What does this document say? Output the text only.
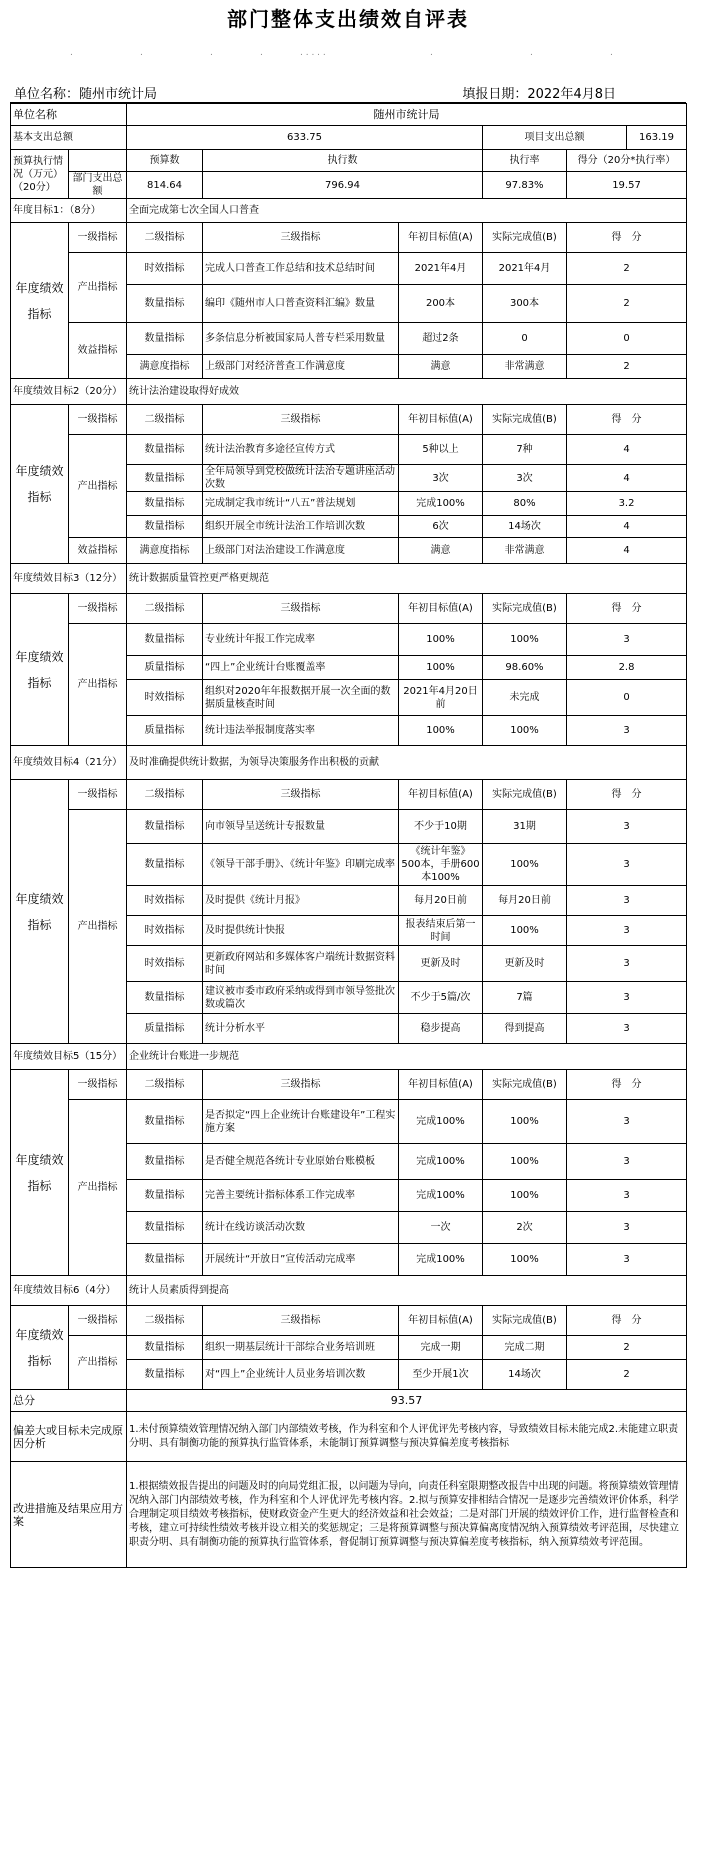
部门整体支出绩效自评表
.	.	.	.	. . . . .	.	.	.
单位名称：随州市统计局	填报日期：2022年4月8日
单位名称		随州市统计局					
基本支出总额		633.75			项目支出总额		163.19
预算执行情况（万元）（20分）		预算数	执行数		执行率	得分（20分*执行率）	
	部门支出总额	814.64	796.94		97.83%	19.57	
年度目标1：（8分）		全面完成第七次全国人口普查					
年度绩效指标	一级指标	二级指标	三级指标	年初目标值(A)	实际完成值(B)	得　分	
	产出指标	时效指标	完成人口普查工作总结和技术总结时间	2021年4月	2021年4月	2	
		数量指标	编印《随州市人口普查资料汇编》数量	200本	300本	2	
	效益指标	数量指标	多条信息分析被国家局人普专栏采用数量	超过2条	0	0	
		满意度指标	上级部门对经济普查工作满意度	满意	非常满意	2	
年度绩效目标2（20分）		统计法治建设取得好成效					
年度绩效指标	一级指标	二级指标	三级指标	年初目标值(A)	实际完成值(B)	得　分	
	产出指标	数量指标	统计法治教育多途径宣传方式	5种以上	7种	4	
		数量指标	全年局领导到党校做统计法治专题讲座活动次数	3次	3次	4	
		数量指标	完成制定我市统计“八五”普法规划	完成100%	80%	3.2	
		数量指标	组织开展全市统计法治工作培训次数	6次	14场次	4	
	效益指标	满意度指标	上级部门对法治建设工作满意度	满意	非常满意	4	
年度绩效目标3（12分）		统计数据质量管控更严格更规范					
年度绩效指标	一级指标	二级指标	三级指标	年初目标值(A)	实际完成值(B)	得　分	
	产出指标	数量指标	专业统计年报工作完成率	100%	100%	3	
		质量指标	“四上”企业统计台账覆盖率	100%	98.60%	2.8	
		时效指标	组织对2020年年报数据开展一次全面的数据质量核查时间	2021年4月20日前	未完成	0	
		质量指标	统计违法举报制度落实率	100%	100%	3	
年度绩效目标4（21分）		及时准确提供统计数据，为领导决策服务作出积极的贡献					
年度绩效指标	一级指标	二级指标	三级指标	年初目标值(A)	实际完成值(B)	得　分	
	产出指标	数量指标	向市领导呈送统计专报数量	不少于10期	31期	3	
		数量指标	《领导干部手册》、《统计年鉴》印刷完成率	《统计年鉴》500本，手册600本100%	100%	3	
		时效指标	及时提供《统计月报》	每月20日前	每月20日前	3	
		时效指标	及时提供统计快报	报表结束后第一时间	100%	3	
		时效指标	更新政府网站和多媒体客户端统计数据资料时间	更新及时	更新及时	3	
		数量指标	建议被市委市政府采纳或得到市领导签批次数或篇次	不少于5篇/次	7篇	3	
		质量指标	统计分析水平	稳步提高	得到提高	3	
年度绩效目标5（15分）		企业统计台账进一步规范					
年度绩效指标	一级指标	二级指标	三级指标	年初目标值(A)	实际完成值(B)	得　分	
	产出指标	数量指标	是否拟定“四上企业统计台账建设年”工程实施方案	完成100%	100%	3	
		数量指标	是否健全规范各统计专业原始台账模板	完成100%	100%	3	
		数量指标	完善主要统计指标体系工作完成率	完成100%	100%	3	
		数量指标	统计在线访谈活动次数	一次	2次	3	
		数量指标	开展统计“开放日”宣传活动完成率	完成100%	100%	3	
年度绩效目标6（4分）		统计人员素质得到提高					
年度绩效指标	一级指标	二级指标	三级指标	年初目标值(A)	实际完成值(B)	得　分	
	产出指标	数量指标	组织一期基层统计干部综合业务培训班	完成一期	完成二期	2	
		数量指标	对“四上”企业统计人员业务培训次数	至少开展1次	14场次	2	
总分		93.57					
偏差大或目标未完成原因分析		1.未付预算绩效管理情况纳入部门内部绩效考核，作为科室和个人评优评先考核内容，导致绩效目标未能完成2.未能建立职责分明、具有制衡功能的预算执行监管体系，未能制订预算调整与预决算偏差度考核指标					
改进措施及结果应用方案		1.根据绩效报告提出的问题及时的向局党组汇报，以问题为导向，向责任科室限期整改报告中出现的问题。将预算绩效管理情况纳入部门内部绩效考核，作为科室和个人评优评先考核内容。2.拟与预算安排相结合情况一是逐步完善绩效评价体系，科学合理制定项目绩效考核指标，使财政资金产生更大的经济效益和社会效益；二是对部门开展的绩效评价工作，进行监督检查和考核，建立可持续性绩效考核并设立相关的奖惩规定；三是将预算调整与预决算偏离度情况纳入预算绩效考评范围，尽快建立职责分明、具有制衡功能的预算执行监管体系，督促制订预算调整与预决算偏差度考核指标，纳入预算绩效考评范围。					
